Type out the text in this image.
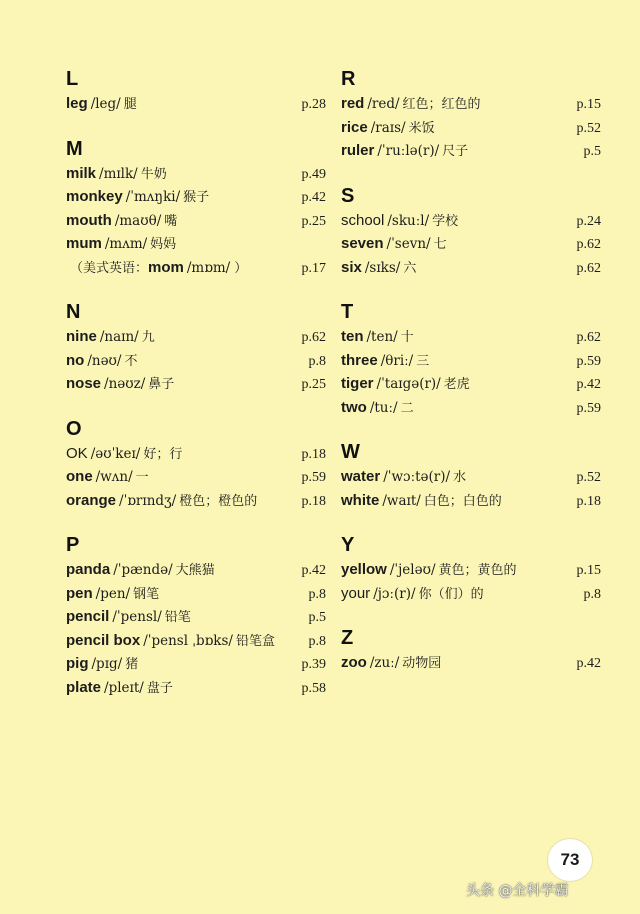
L
leg /leg/ 腿	p.28
M
milk /mɪlk/ 牛奶	p.49
monkey /ˈmʌŋki/ 猴子	p.42
mouth /maʊθ/ 嘴	p.25
mum /mʌm/ 妈妈
（美式英语：mom /mɒm/ ）	p.17
N
nine /naɪn/ 九	p.62
no /nəʊ/ 不	p.8
nose /nəʊz/ 鼻子	p.25
O
OK /əʊˈkeɪ/ 好；行	p.18
one /wʌn/ 一	p.59
orange /ˈɒrɪndʒ/ 橙色；橙色的	p.18
P
panda /ˈpændə/ 大熊猫	p.42
pen /pen/ 钢笔	p.8
pencil /ˈpensl/ 铅笔	p.5
pencil box /ˈpensl ˌbɒks/ 铅笔盒 p.8
pig /pɪg/ 猪	p.39
plate /pleɪt/ 盘子	p.58
R
red /red/ 红色；红色的	p.15
rice /raɪs/ 米饭	p.52
ruler /ˈruːlə(r)/ 尺子	p.5
S
school /skuːl/ 学校	p.24
seven /ˈsevn/ 七	p.62
six /sɪks/ 六	p.62
T
ten /ten/ 十	p.62
three /θriː/ 三	p.59
tiger /ˈtaɪgə(r)/ 老虎	p.42
two /tuː/ 二	p.59
W
water /ˈwɔːtə(r)/ 水	p.52
white /waɪt/ 白色；白色的	p.18
Y
yellow /ˈjeləʊ/ 黄色；黄色的	p.15
your /jɔː(r)/ 你（们）的	p.8
Z
zoo /zuː/ 动物园	p.42
73
头条 @全科学霸
